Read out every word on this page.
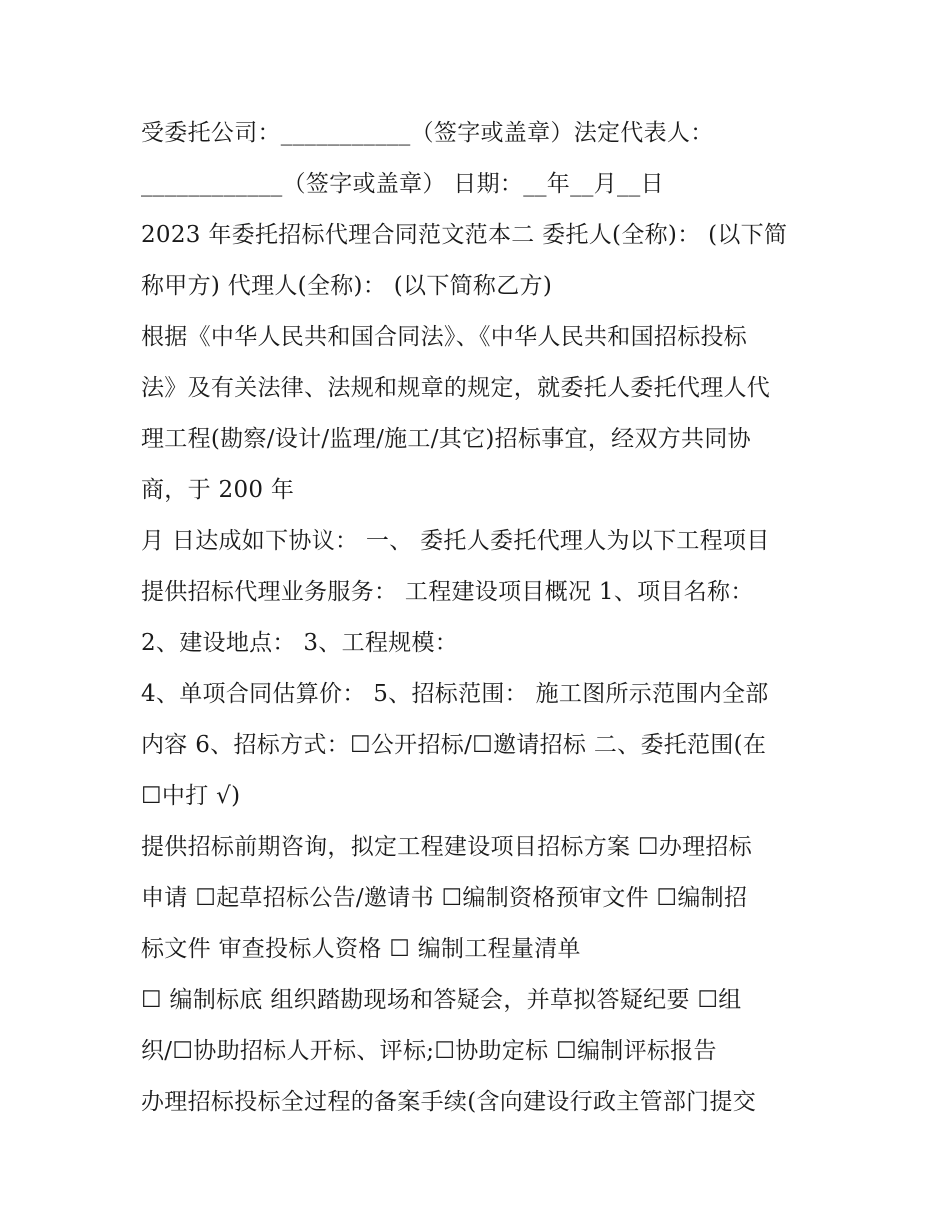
受委托公司：___________（签字或盖章）法定代表人：
____________（签字或盖章） 日期：__年__月__日
2023 年委托招标代理合同范文范本二 委托人(全称)： (以下简
称甲方) 代理人(全称)： (以下简称乙方)
根据《中华人民共和国合同法》、《中华人民共和国招标投标
法》及有关法律、法规和规章的规定，就委托人委托代理人代
理工程(勘察/设计/监理/施工/其它)招标事宜，经双方共同协
商，于 200 年
月 日达成如下协议： 一、 委托人委托代理人为以下工程项目
提供招标代理业务服务： 工程建设项目概况 1、项目名称：
2、建设地点： 3、工程规模：
4、单项合同估算价： 5、招标范围： 施工图所示范围内全部
内容 6、招标方式：☐公开招标/☐邀请招标 二、委托范围(在
☐中打 √)
提供招标前期咨询，拟定工程建设项目招标方案 ☐办理招标
申请 ☐起草招标公告/邀请书 ☐编制资格预审文件 ☐编制招
标文件 审查投标人资格 ☐ 编制工程量清单
☐ 编制标底 组织踏勘现场和答疑会，并草拟答疑纪要 ☐组
织/☐协助招标人开标、评标;☐协助定标 ☐编制评标报告
办理招标投标全过程的备案手续(含向建设行政主管部门提交
